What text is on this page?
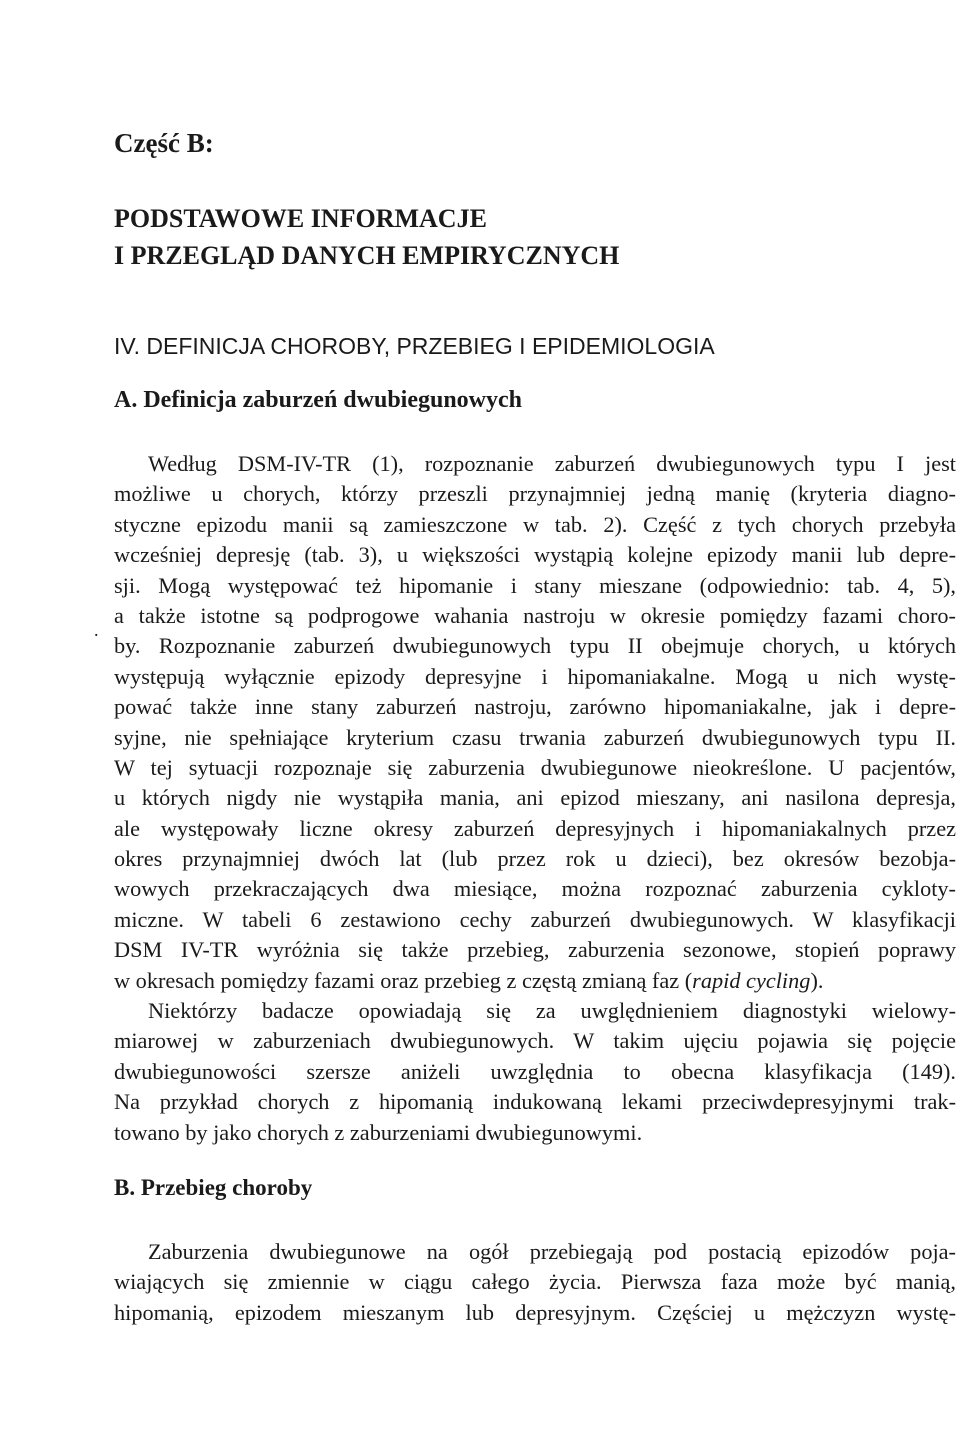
Część B:
PODSTAWOWE INFORMACJE
I PRZEGLĄD DANYCH EMPIRYCZNYCH
IV. DEFINICJA CHOROBY, PRZEBIEG I EPIDEMIOLOGIA
A. Definicja zaburzeń dwubiegunowych
Według DSM-IV-TR (1), rozpoznanie zaburzeń dwubiegunowych typu I jest
możliwe u chorych, którzy przeszli przynajmniej jedną manię (kryteria diagno-
styczne epizodu manii są zamieszczone w tab. 2). Część z tych chorych przebyła
wcześniej depresję (tab. 3), u większości wystąpią kolejne epizody manii lub depre-
sji. Mogą występować też hipomanie i stany mieszane (odpowiednio: tab. 4, 5),
a także istotne są podprogowe wahania nastroju w okresie pomiędzy fazami choro-
by. Rozpoznanie zaburzeń dwubiegunowych typu II obejmuje chorych, u których
występują wyłącznie epizody depresyjne i hipomaniakalne. Mogą u nich wystę-
pować także inne stany zaburzeń nastroju, zarówno hipomaniakalne, jak i depre-
syjne, nie spełniające kryterium czasu trwania zaburzeń dwubiegunowych typu II.
W tej sytuacji rozpoznaje się zaburzenia dwubiegunowe nieokreślone. U pacjentów,
u których nigdy nie wystąpiła mania, ani epizod mieszany, ani nasilona depresja,
ale występowały liczne okresy zaburzeń depresyjnych i hipomaniakalnych przez
okres przynajmniej dwóch lat (lub przez rok u dzieci), bez okresów bezobja-
wowych przekraczających dwa miesiące, można rozpoznać zaburzenia cykloty-
miczne. W tabeli 6 zestawiono cechy zaburzeń dwubiegunowych. W klasyfikacji
DSM IV-TR wyróżnia się także przebieg, zaburzenia sezonowe, stopień poprawy
w okresach pomiędzy fazami oraz przebieg z częstą zmianą faz (rapid cycling).
Niektórzy badacze opowiadają się za uwględnieniem diagnostyki wielowy-
miarowej w zaburzeniach dwubiegunowych. W takim ujęciu pojawia się pojęcie
dwubiegunowości szersze aniżeli uwzględnia to obecna klasyfikacja (149).
Na przykład chorych z hipomanią indukowaną lekami przeciwdepresyjnymi trak-
towano by jako chorych z zaburzeniami dwubiegunowymi.
B. Przebieg choroby
Zaburzenia dwubiegunowe na ogół przebiegają pod postacią epizodów poja-
wiających się zmiennie w ciągu całego życia. Pierwsza faza może być manią,
hipomanią, epizodem mieszanym lub depresyjnym. Częściej u mężczyzn wystę-
.
